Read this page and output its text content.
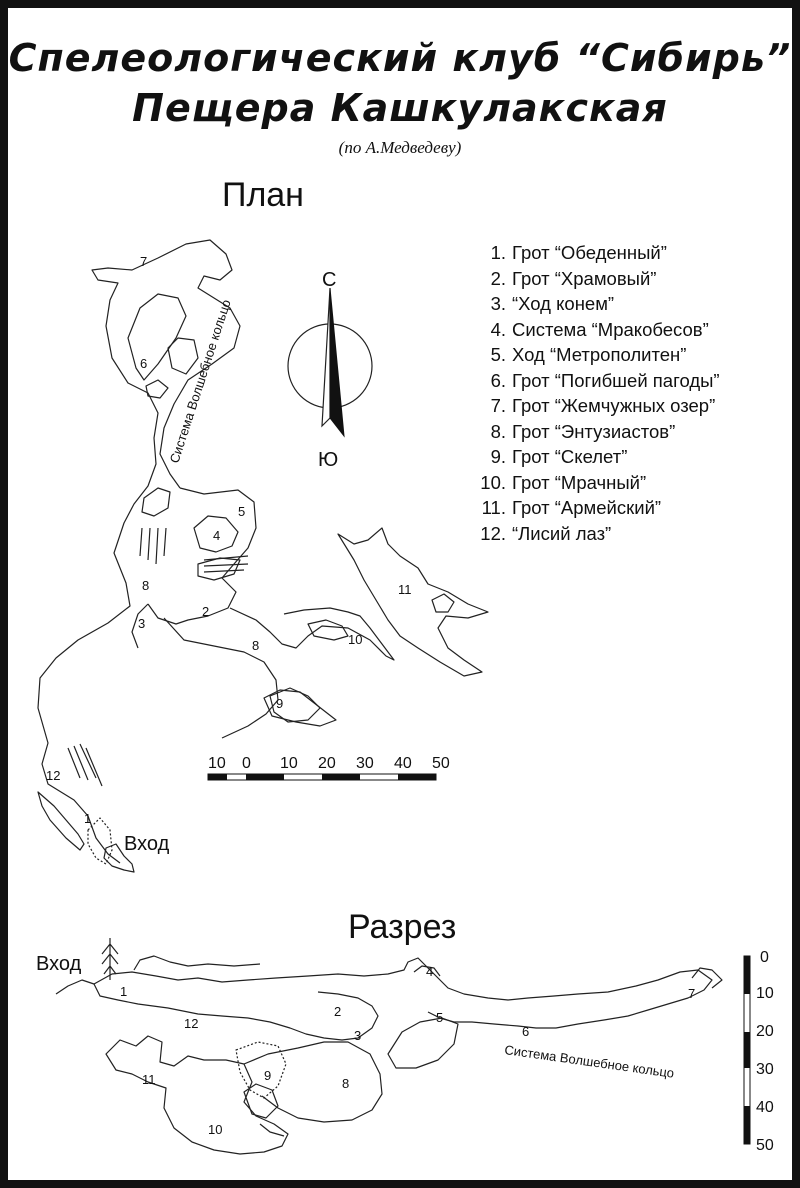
Спелеологический клуб “Сибирь”
Пещера Кашкулакская
(по А.Медведеву)
План
Разрез
1. Грот “Обеденный”
2. Грот “Храмовый”
3. “Ход конем”
4. Система “Мракобесов”
5. Ход “Метрополитен”
6. Грот “Погибшей пагоды”
7. Грот “Жемчужных озер”
8. Грот “Энтузиастов”
9. Грот “Скелет”
10. Грот “Мрачный”
11. Грот “Армейский”
12. “Лисий лаз”
1
2
3
4
5
6
7
8
8
9
10
11
12
Вход
Система Волшебное кольцо
С
Ю
10 0 10 20 30 40 50
1
2
3
4
5
6
7
8
9
10
11
12
Вход
Система Волшебное кольцо
0
10
20
30
40
50
